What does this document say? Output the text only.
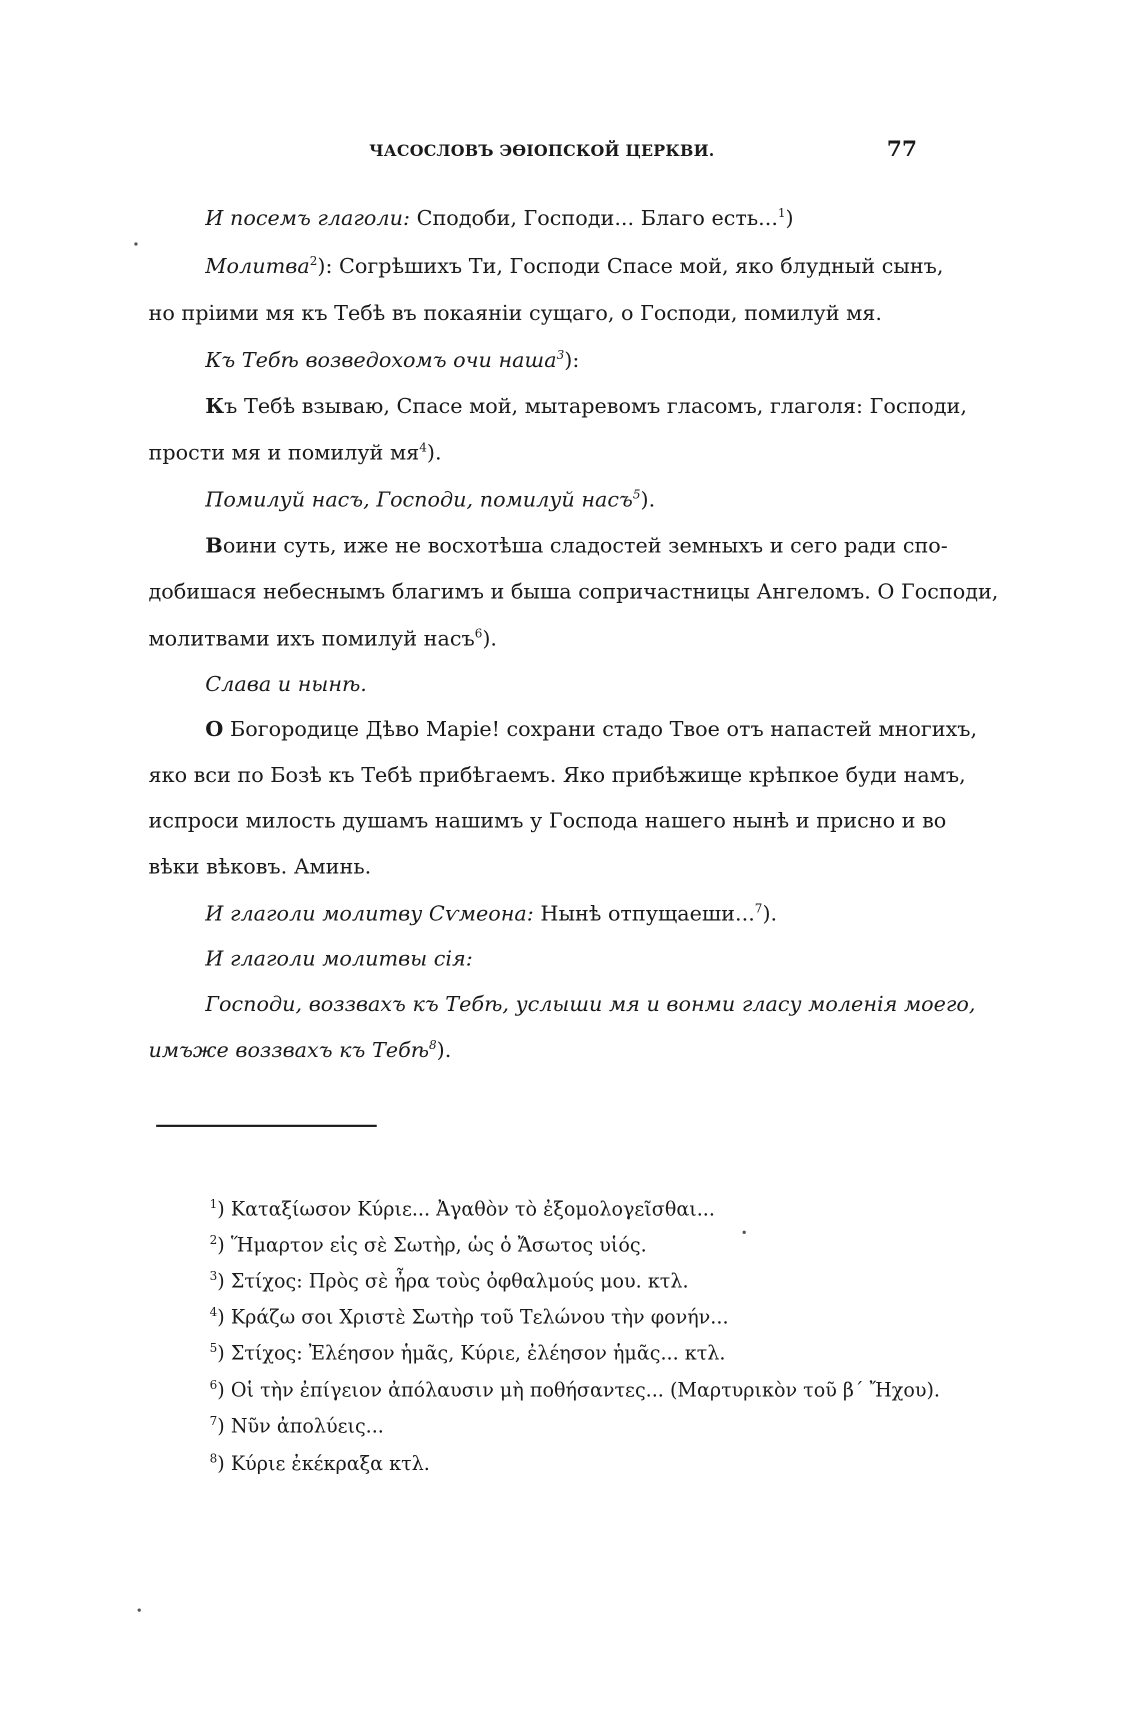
ЧАСОСЛОВЪ ЭѲІОПСКОЙ ЦЕРКВИ.	77
И посемъ глаголи: Сподоби, Господи... Благо есть...$^1$)
Молитва$^2$): Согрѣшихъ Ти, Господи Спасе мой, яко блудный сынъ,
но пріими мя къ Тебѣ въ покаяніи сущаго, о Господи, помилуй мя.
Къ Тебѣ возведохомъ очи наша$^3$):
Къ Тебѣ взываю, Спасе мой, мытаревомъ гласомъ, глаголя: Господи,
прости мя и помилуй $мя^4$).
Помилуй насъ, Господи, помилуй насъ$^5$).
Воини суть, иже не восхотѣша сладостей земныхъ и сего ради спо-
добишася небеснымъ благимъ и быша сопричастницы Ангеломъ. О Господи,
молитвами ихъ помилуй насъ$^6$).
Слава и нынѣ.
О Богородице Дѣво Маріе! сохрани стадо Твое отъ напастей многихъ,
яко вси по Бозѣ къ Тебѣ прибѣгаемъ. Яко прибѣжище крѣпкое буди намъ,
испроси милость душамъ нашимъ у Господа нашего нынѣ и присно и во
вѣки вѣковъ. Аминь.
И глаголи молитву Сѵмеона: Нынѣ отпущаеши...$^7$).
И глаголи молитвы сія:
Господи, воззвахъ къ Тебѣ, услыши мя и вонми гласу моленія моего,
имъже воззвахъ къ Тебѣ$^8$).
$^1$) Καταξίωσον Κύριε... Ἀγαθὸν τὸ ἐξομολογεῖσθαι...
$^2$) Ἥμαρτον εἰς σὲ Σωτὴρ, ὡς ὁ Ἄσωτος υἱός.
$^3$) Στίχος: Πρὸς σὲ ἦρα τοὺς ὀφθαλμούς μου. κτλ.
$^4$) Κράζω σοι Χριστὲ Σωτὴρ τοῦ Τελώνου τὴν φονήν...
$^5$) Στίχος: Ἐλέησον ἡμᾶς, Κύριε, ἐλέησον ἡμᾶς... κτλ.
$^6$) Οἱ τὴν ἐπίγειον ἀπόλαυσιν μὴ ποθήσαντες... (Μαρτυρικὸν τοῦ β΄ Ἤχου).
$^7$) Νῦν ἀπολύεις...
$^8$) Κύριε ἐκέκραξα κτλ.
